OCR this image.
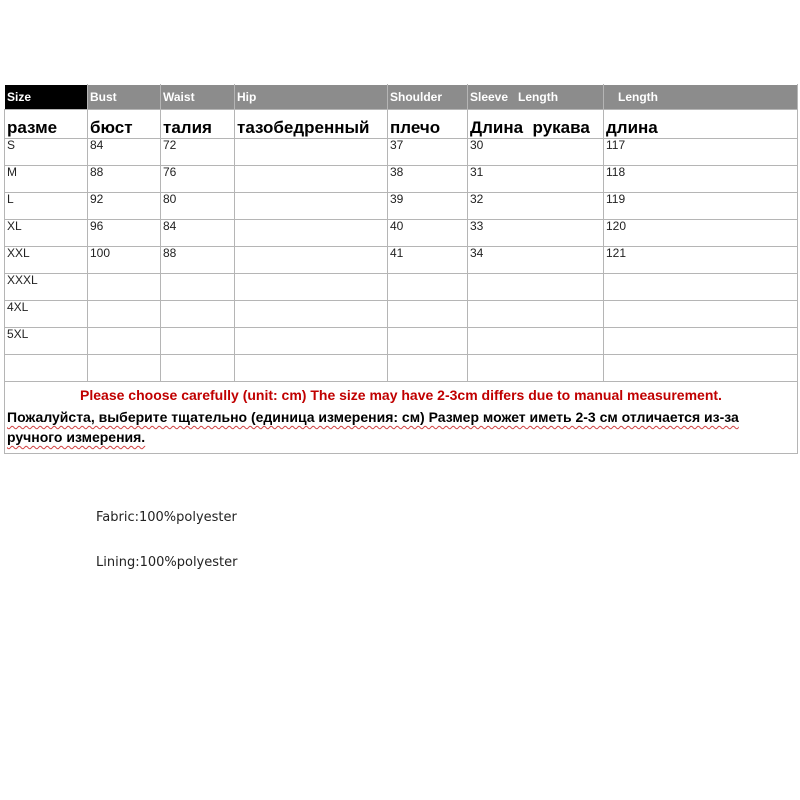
Size	Bust	Waist	Hip	Shoulder	Sleeve   Length	Length
разме	бюст	талия	тазобедренный	плечо	Длина  рукава	длина
S	84	72		37	30	117
M	88	76		38	31	118
L	92	80		39	32	119
XL	96	84		40	33	120
XXL	100	88		41	34	121
XXXL						
4XL						
5XL						

Please choose carefully (unit: cm) The size may have 2-3cm differs due to manual measurement.

Пожалуйста, выберите тщательно (единица измерения: см) Размер может иметь 2-3 см отличается из-за ручного измерения.						

Fabric:100%polyester
Lining:100%polyester
